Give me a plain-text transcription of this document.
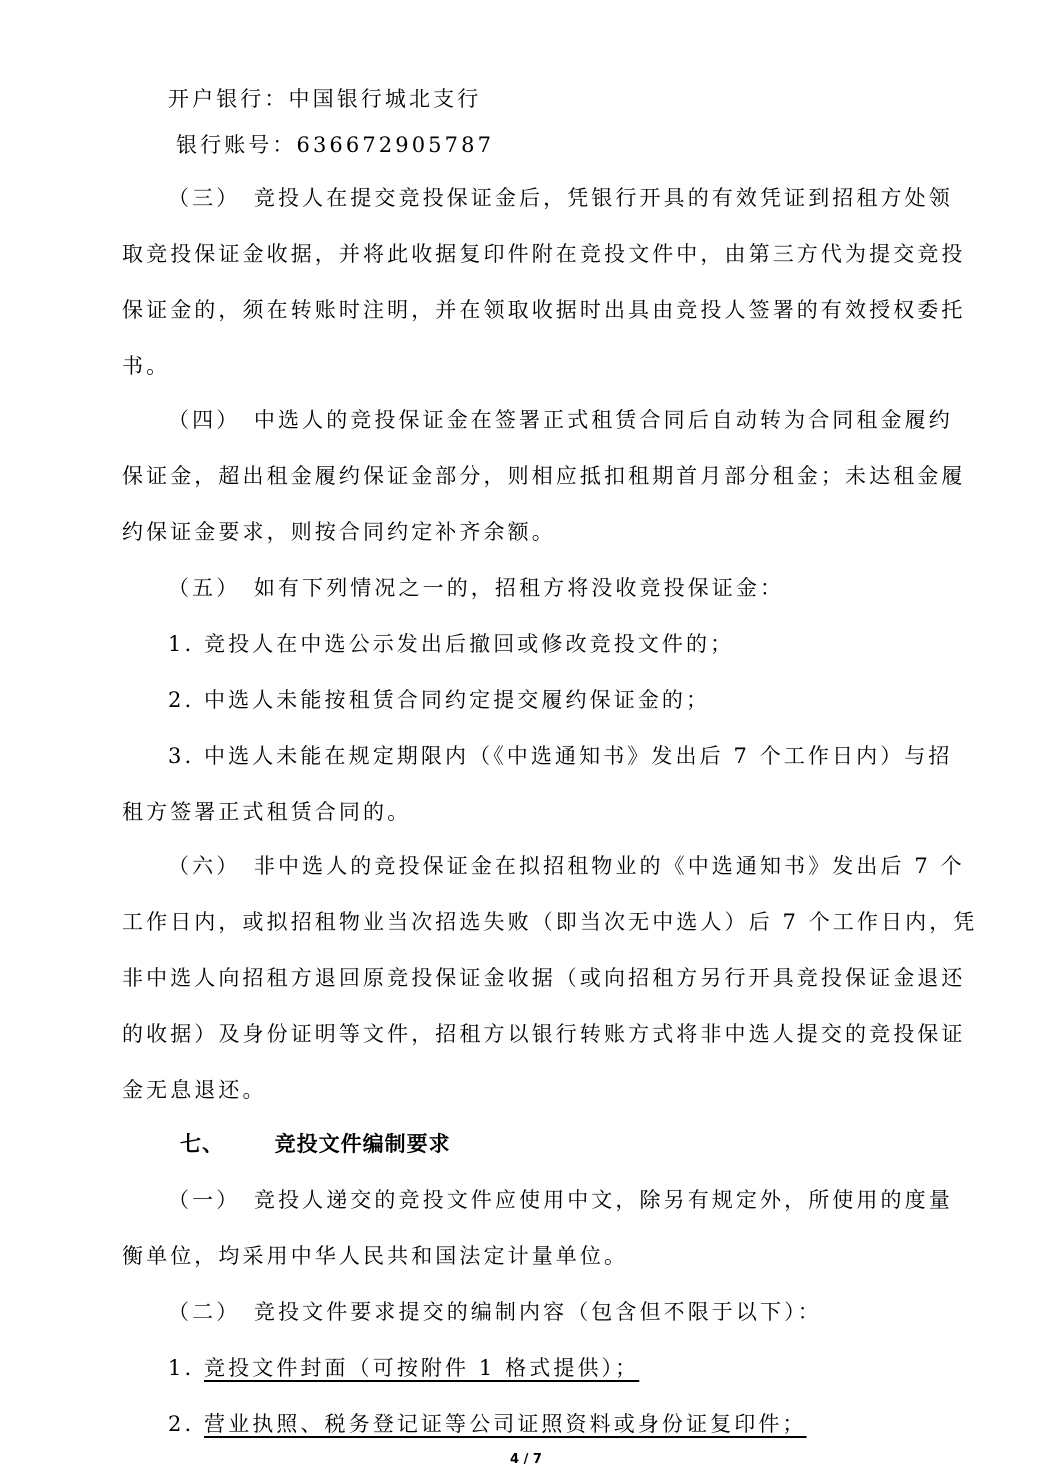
开户银行：中国银行城北支行
银行账号：636672905787
（三）　竞投人在提交竞投保证金后，凭银行开具的有效凭证到招租方处领
取竞投保证金收据，并将此收据复印件附在竞投文件中，由第三方代为提交竞投
保证金的，须在转账时注明，并在领取收据时出具由竞投人签署的有效授权委托
书。
（四）　中选人的竞投保证金在签署正式租赁合同后自动转为合同租金履约
保证金，超出租金履约保证金部分，则相应抵扣租期首月部分租金；未达租金履
约保证金要求，则按合同约定补齐余额。
（五）　如有下列情况之一的，招租方将没收竞投保证金：
1. 竞投人在中选公示发出后撤回或修改竞投文件的；
2. 中选人未能按租赁合同约定提交履约保证金的；
3. 中选人未能在规定期限内（《中选通知书》发出后 7 个工作日内）与招
租方签署正式租赁合同的。
（六）　非中选人的竞投保证金在拟招租物业的《中选通知书》发出后 7 个
工作日内，或拟招租物业当次招选失败（即当次无中选人）后 7 个工作日内，凭
非中选人向招租方退回原竞投保证金收据（或向招租方另行开具竞投保证金退还
的收据）及身份证明等文件，招租方以银行转账方式将非中选人提交的竞投保证
金无息退还。
七、 竞投文件编制要求
（一）　竞投人递交的竞投文件应使用中文，除另有规定外，所使用的度量
衡单位，均采用中华人民共和国法定计量单位。
（二）　竞投文件要求提交的编制内容（包含但不限于以下）：
1. 竞投文件封面（可按附件 1 格式提供）；
2. 营业执照、税务登记证等公司证照资料或身份证复印件；
4 / 7
